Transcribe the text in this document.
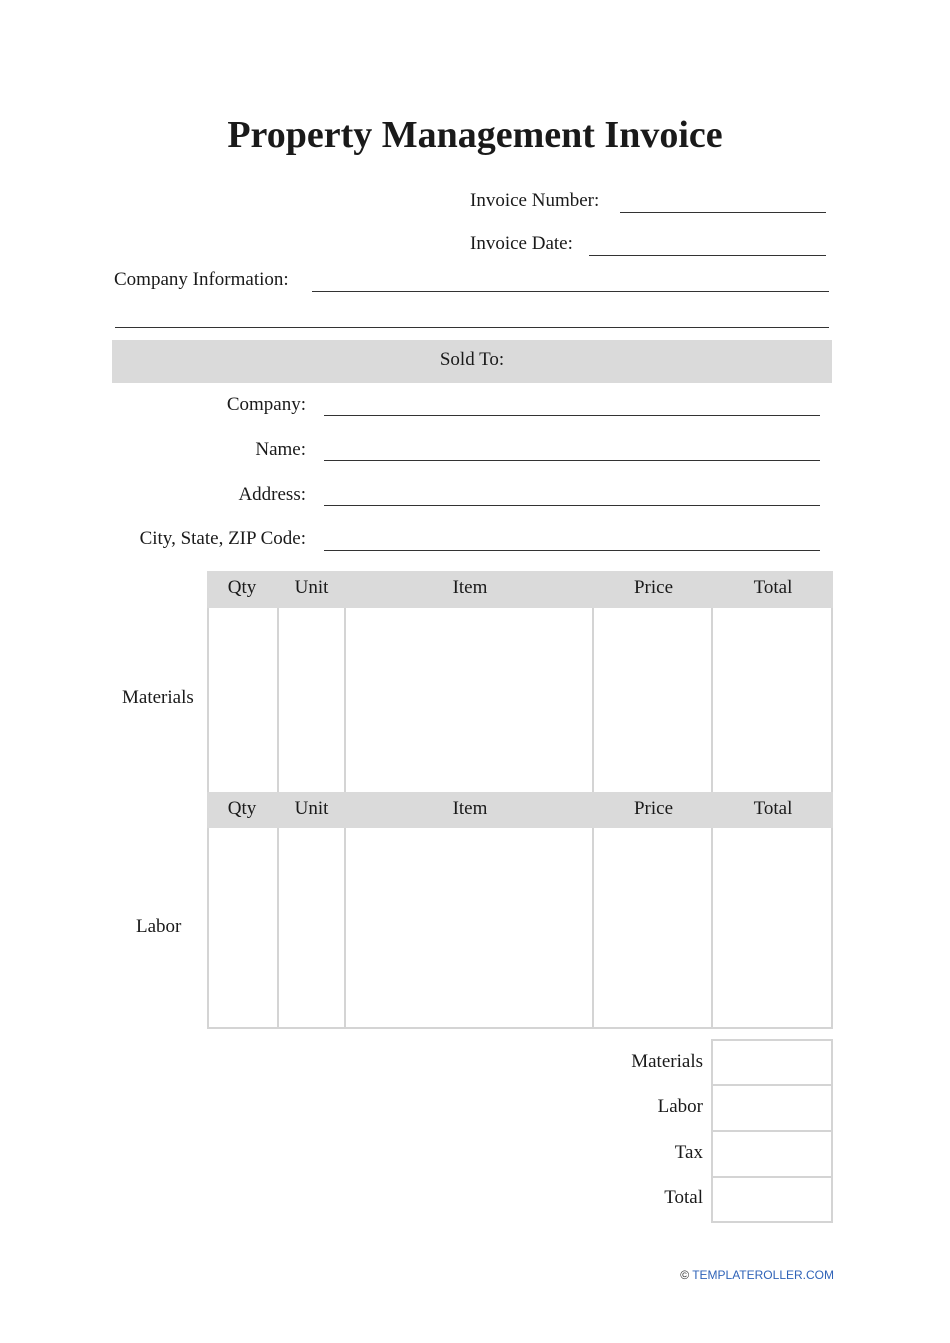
Property Management Invoice
Invoice Number:
Invoice Date:
Company Information:
Sold To:
Company:
Name:
Address:
City, State, ZIP Code:
Qty	Unit	Item	Price	Total
Materials
Qty	Unit	Item	Price	Total
Labor
Materials
Labor
Tax
Total
© TEMPLATEROLLER.COM
